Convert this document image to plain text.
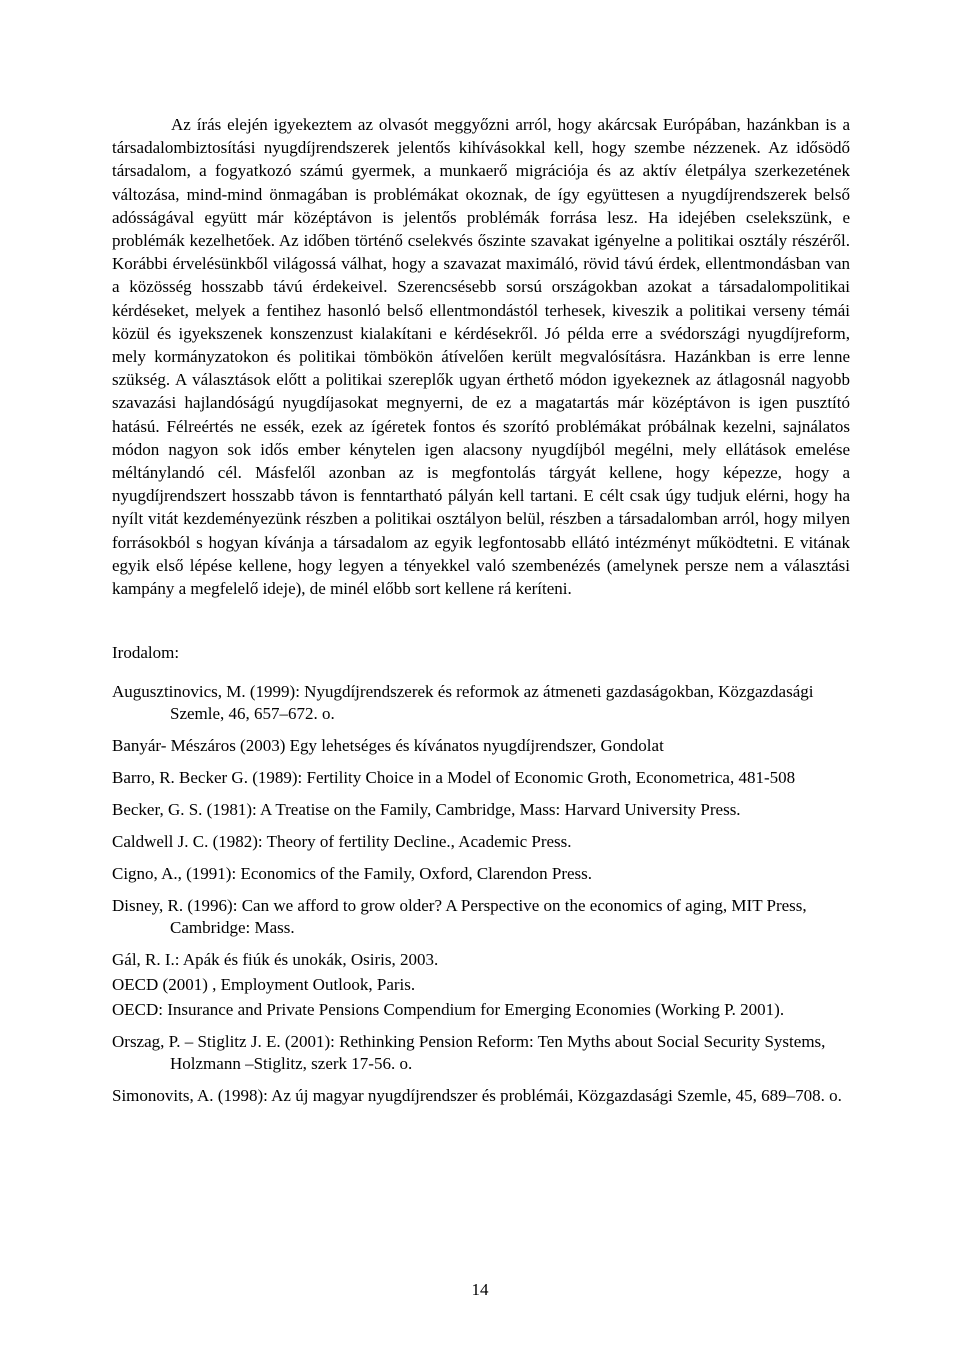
Az írás elején igyekeztem az olvasót meggyőzni arról, hogy akárcsak Európában, hazánkban is a társadalombiztosítási nyugdíjrendszerek jelentős kihívásokkal kell, hogy szembe nézzenek. Az idősödő társadalom, a fogyatkozó számú gyermek, a munkaerő migrációja és az aktív életpálya szerkezetének változása, mind-mind önmagában is problémákat okoznak, de így együttesen a nyugdíjrendszerek belső adósságával együtt már középtávon is jelentős problémák forrása lesz. Ha idejében cselekszünk, e problémák kezelhetőek. Az időben történő cselekvés őszinte szavakat igényelne a politikai osztály részéről. Korábbi érvelésünkből világossá válhat, hogy a szavazat maximáló, rövid távú érdek, ellentmondásban van a közösség hosszabb távú érdekeivel. Szerencsésebb sorsú országokban azokat a társadalompolitikai kérdéseket, melyek a fentihez hasonló belső ellentmondástól terhesek, kiveszik a politikai verseny témái közül és igyekszenek konszenzust kialakítani e kérdésekről. Jó példa erre a svédországi nyugdíjreform, mely kormányzatokon és politikai tömbökön átívelően került megvalósításra. Hazánkban is erre lenne szükség. A választások előtt a politikai szereplők ugyan érthető módon igyekeznek az átlagosnál nagyobb szavazási hajlandóságú nyugdíjasokat megnyerni, de ez a magatartás már középtávon is igen pusztító hatású. Félreértés ne essék, ezek az ígéretek fontos és szorító problémákat próbálnak kezelni, sajnálatos módon nagyon sok idős ember kénytelen igen alacsony nyugdíjból megélni, mely ellátások emelése méltánylandó cél. Másfelől azonban az is megfontolás tárgyát kellene, hogy képezze, hogy a nyugdíjrendszert hosszabb távon is fenntartható pályán kell tartani. E célt csak úgy tudjuk elérni, hogy ha nyílt vitát kezdeményezünk részben a politikai osztályon belül, részben a társadalomban arról, hogy milyen forrásokból s hogyan kívánja a társadalom az egyik legfontosabb ellátó intézményt működtetni. E vitának egyik első lépése kellene, hogy legyen a tényekkel való szembenézés (amelynek persze nem a választási kampány a megfelelő ideje), de minél előbb sort kellene rá keríteni.

Irodalom:
Augusztinovics, M. (1999): Nyugdíjrendszerek és reformok az átmeneti gazdaságokban, Közgazdasági Szemle, 46, 657–672. o.
Banyár- Mészáros (2003) Egy lehetséges és kívánatos nyugdíjrendszer, Gondolat
Barro, R. Becker G. (1989): Fertility Choice in a Model of Economic Groth, Econometrica, 481-508
Becker, G. S. (1981): A Treatise on the Family, Cambridge, Mass: Harvard University Press.
Caldwell J. C. (1982): Theory of fertility Decline., Academic Press.
Cigno, A., (1991): Economics of the Family, Oxford, Clarendon Press.
Disney, R. (1996): Can we afford to grow older? A Perspective on the economics of aging, MIT Press, Cambridge: Mass.
Gál, R. I.: Apák és fiúk és unokák, Osiris, 2003.
OECD (2001) , Employment Outlook, Paris.
OECD: Insurance and Private Pensions Compendium for Emerging Economies (Working P. 2001).
Orszag, P. – Stiglitz J. E. (2001): Rethinking Pension Reform: Ten Myths about Social Security Systems, Holzmann –Stiglitz, szerk 17-56. o.
Simonovits, A. (1998): Az új magyar nyugdíjrendszer és problémái, Közgazdasági Szemle, 45, 689–708. o.
14
